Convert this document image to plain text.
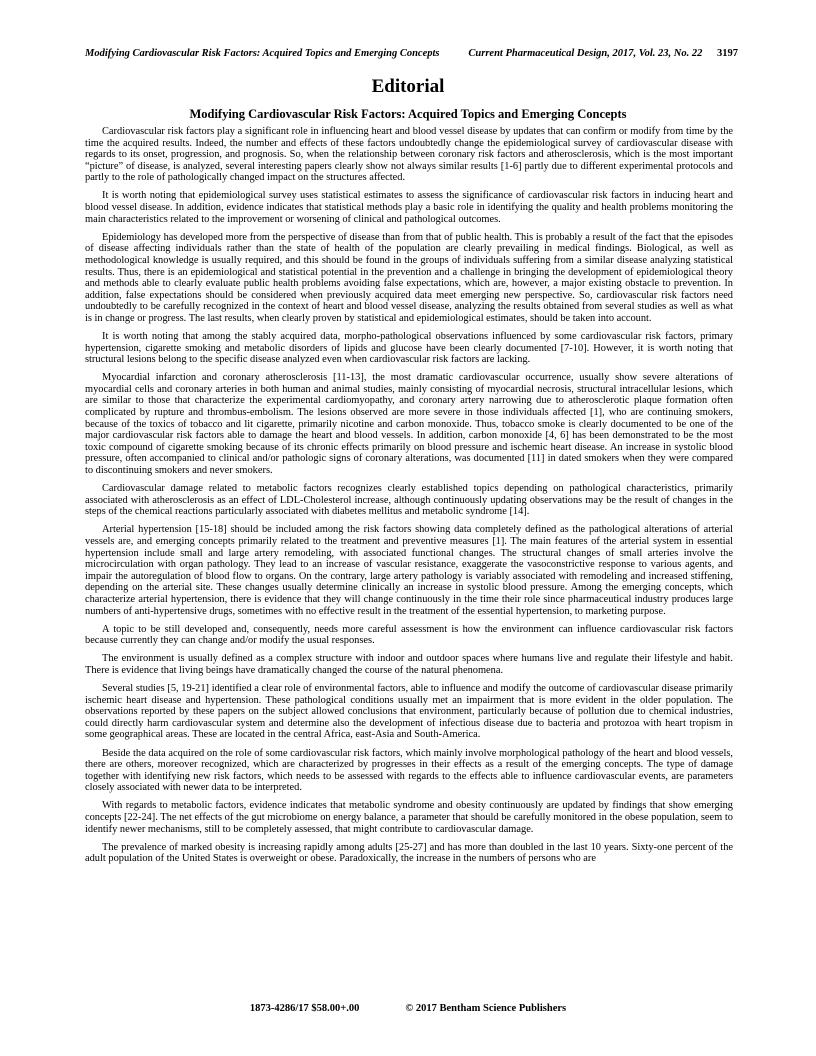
Modifying Cardiovascular Risk Factors: Acquired Topics and Emerging Concepts	Current Pharmaceutical Design, 2017, Vol. 23, No. 22 3197
Editorial
Modifying Cardiovascular Risk Factors: Acquired Topics and Emerging Concepts

Cardiovascular risk factors play a significant role in influencing heart and blood vessel disease by updates that can confirm or modify from time by the time the acquired results. Indeed, the number and effects of these factors undoubtedly change the epidemiological survey of cardiovascular disease with regards to its onset, progression, and prognosis. So, when the relationship between coronary risk factors and atherosclerosis, which is the most important “picture” of disease, is analyzed, several interesting papers clearly show not always similar results [1-6] partly due to different experimental protocols and partly to the role of pathologically changed impact on the structures affected.

It is worth noting that epidemiological survey uses statistical estimates to assess the significance of cardiovascular risk factors in inducing heart and blood vessel disease. In addition, evidence indicates that statistical methods play a basic role in identifying the quality and health problems monitoring the main characteristics related to the improvement or worsening of clinical and pathological outcomes.

Epidemiology has developed more from the perspective of disease than from that of public health. This is probably a result of the fact that the episodes of disease affecting individuals rather than the state of health of the population are clearly prevailing in medical findings. Biological, as well as methodological knowledge is usually required, and this should be found in the groups of individuals suffering from a similar disease analyzing statistical results. Thus, there is an epidemiological and statistical potential in the prevention and a challenge in bringing the development of epidemiological theory and methods able to clearly evaluate public health problems avoiding false expectations, which are, however, a major existing obstacle to prevention. In addition, false expectations should be considered when previously acquired data meet emerging new perspective. So, cardiovascular risk factors need undoubtedly to be carefully recognized in the context of heart and blood vessel disease, analyzing the results obtained from several studies as well as what is in change or progress. The last results, when clearly proven by statistical and epidemiological estimates, should be taken into account.

It is worth noting that among the stably acquired data, morpho-pathological observations influenced by some cardiovascular risk factors, primary hypertension, cigarette smoking and metabolic disorders of lipids and glucose have been clearly documented [7-10]. However, it is worth noting that structural lesions belong to the specific disease analyzed even when cardiovascular risk factors are lacking.

Myocardial infarction and coronary atherosclerosis [11-13], the most dramatic cardiovascular occurrence, usually show severe alterations of myocardial cells and coronary arteries in both human and animal studies, mainly consisting of myocardial necrosis, structural intracellular lesions, which are similar to those that characterize the experimental cardiomyopathy, and coronary artery narrowing due to atherosclerotic plaque formation often complicated by rupture and thrombus-embolism. The lesions observed are more severe in those individuals affected [1], who are continuing smokers, because of the toxics of tobacco and lit cigarette, primarily nicotine and carbon monoxide. Thus, tobacco smoke is clearly documented to be one of the major cardiovascular risk factors able to damage the heart and blood vessels. In addition, carbon monoxide [4, 6] has been demonstrated to be the most toxic compound of cigarette smoking because of its chronic effects primarily on blood pressure and ischemic heart disease. An increase in systolic blood pressure, often accompanied to clinical and/or pathologic signs of coronary alterations, was documented [11] in dated smokers when they were compared to discontinuing smokers and never smokers.

Cardiovascular damage related to metabolic factors recognizes clearly established topics depending on pathological characteristics, primarily associated with atherosclerosis as an effect of LDL-Cholesterol increase, although continuously updating observations may be the result of changes in the steps of the chemical reactions particularly associated with diabetes mellitus and metabolic syndrome [14].

Arterial hypertension [15-18] should be included among the risk factors showing data completely defined as the pathological alterations of arterial vessels are, and emerging concepts primarily related to the treatment and preventive measures [1]. The main features of the arterial system in essential hypertension include small and large artery remodeling, with associated functional changes. The structural changes of small arteries involve the microcirculation with organ pathology. They lead to an increase of vascular resistance, exaggerate the vasoconstrictive response to various agents, and impair the autoregulation of blood flow to organs. On the contrary, large artery pathology is variably associated with remodeling and increased stiffening, depending on the arterial site. These changes usually determine clinically an increase in systolic blood pressure. Among the emerging concepts, which characterize arterial hypertension, there is evidence that they will change continuously in the time their role since pharmaceutical industry produces large numbers of anti-hypertensive drugs, sometimes with no effective result in the treatment of the essential hypertension, to marketing purpose.

A topic to be still developed and, consequently, needs more careful assessment is how the environment can influence cardiovascular risk factors because currently they can change and/or modify the usual responses.

The environment is usually defined as a complex structure with indoor and outdoor spaces where humans live and regulate their lifestyle and habit. There is evidence that living beings have dramatically changed the course of the natural phenomena.

Several studies [5, 19-21] identified a clear role of environmental factors, able to influence and modify the outcome of cardiovascular disease primarily ischemic heart disease and hypertension. These pathological conditions usually met an impairment that is more evident in the older population. The observations reported by these papers on the subject allowed conclusions that environment, particularly because of pollution due to chemical industries, could directly harm cardiovascular system and determine also the development of infectious disease due to bacteria and protozoa with heart tropism in some geographical areas. These are located in the central Africa, east-Asia and South-America.

Beside the data acquired on the role of some cardiovascular risk factors, which mainly involve morphological pathology of the heart and blood vessels, there are others, moreover recognized, which are characterized by progresses in their effects as a result of the emerging concepts. The type of damage together with identifying new risk factors, which needs to be assessed with regards to the effects able to influence cardiovascular events, are parameters closely associated with newer data to be interpreted.

With regards to metabolic factors, evidence indicates that metabolic syndrome and obesity continuously are updated by findings that show emerging concepts [22-24]. The net effects of the gut microbiome on energy balance, a parameter that should be carefully monitored in the obese population, seem to identify newer mechanisms, still to be completely assessed, that might contribute to cardiovascular damage.

The prevalence of marked obesity is increasing rapidly among adults [25-27] and has more than doubled in the last 10 years. Sixty-one percent of the adult population of the United States is overweight or obese. Paradoxically, the increase in the numbers of persons who are

1873-4286/17 $58.00+.00	© 2017 Bentham Science Publishers
